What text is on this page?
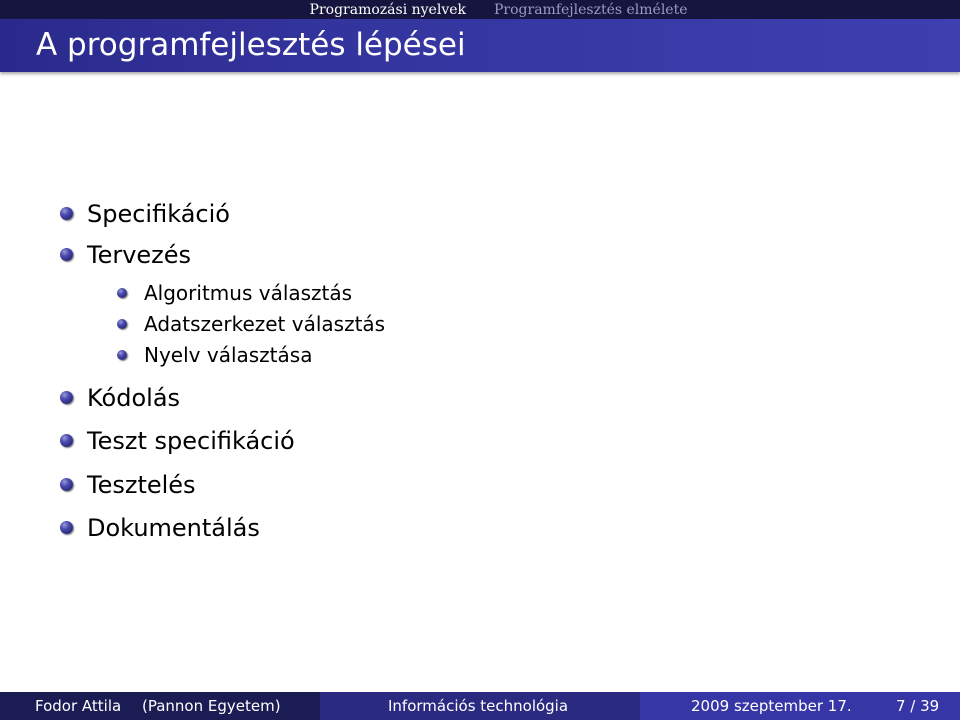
Programozási nyelvek Programfejlesztés elmélete
A programfejlesztés lépései
Specifikáció
Tervezés
Algoritmus választás
Adatszerkezet választás
Nyelv választása
Kódolás
Teszt specifikáció
Tesztelés
Dokumentálás
Fodor Attila (Pannon Egyetem)	Információs technológia	2009 szeptember 17.	7 / 39
